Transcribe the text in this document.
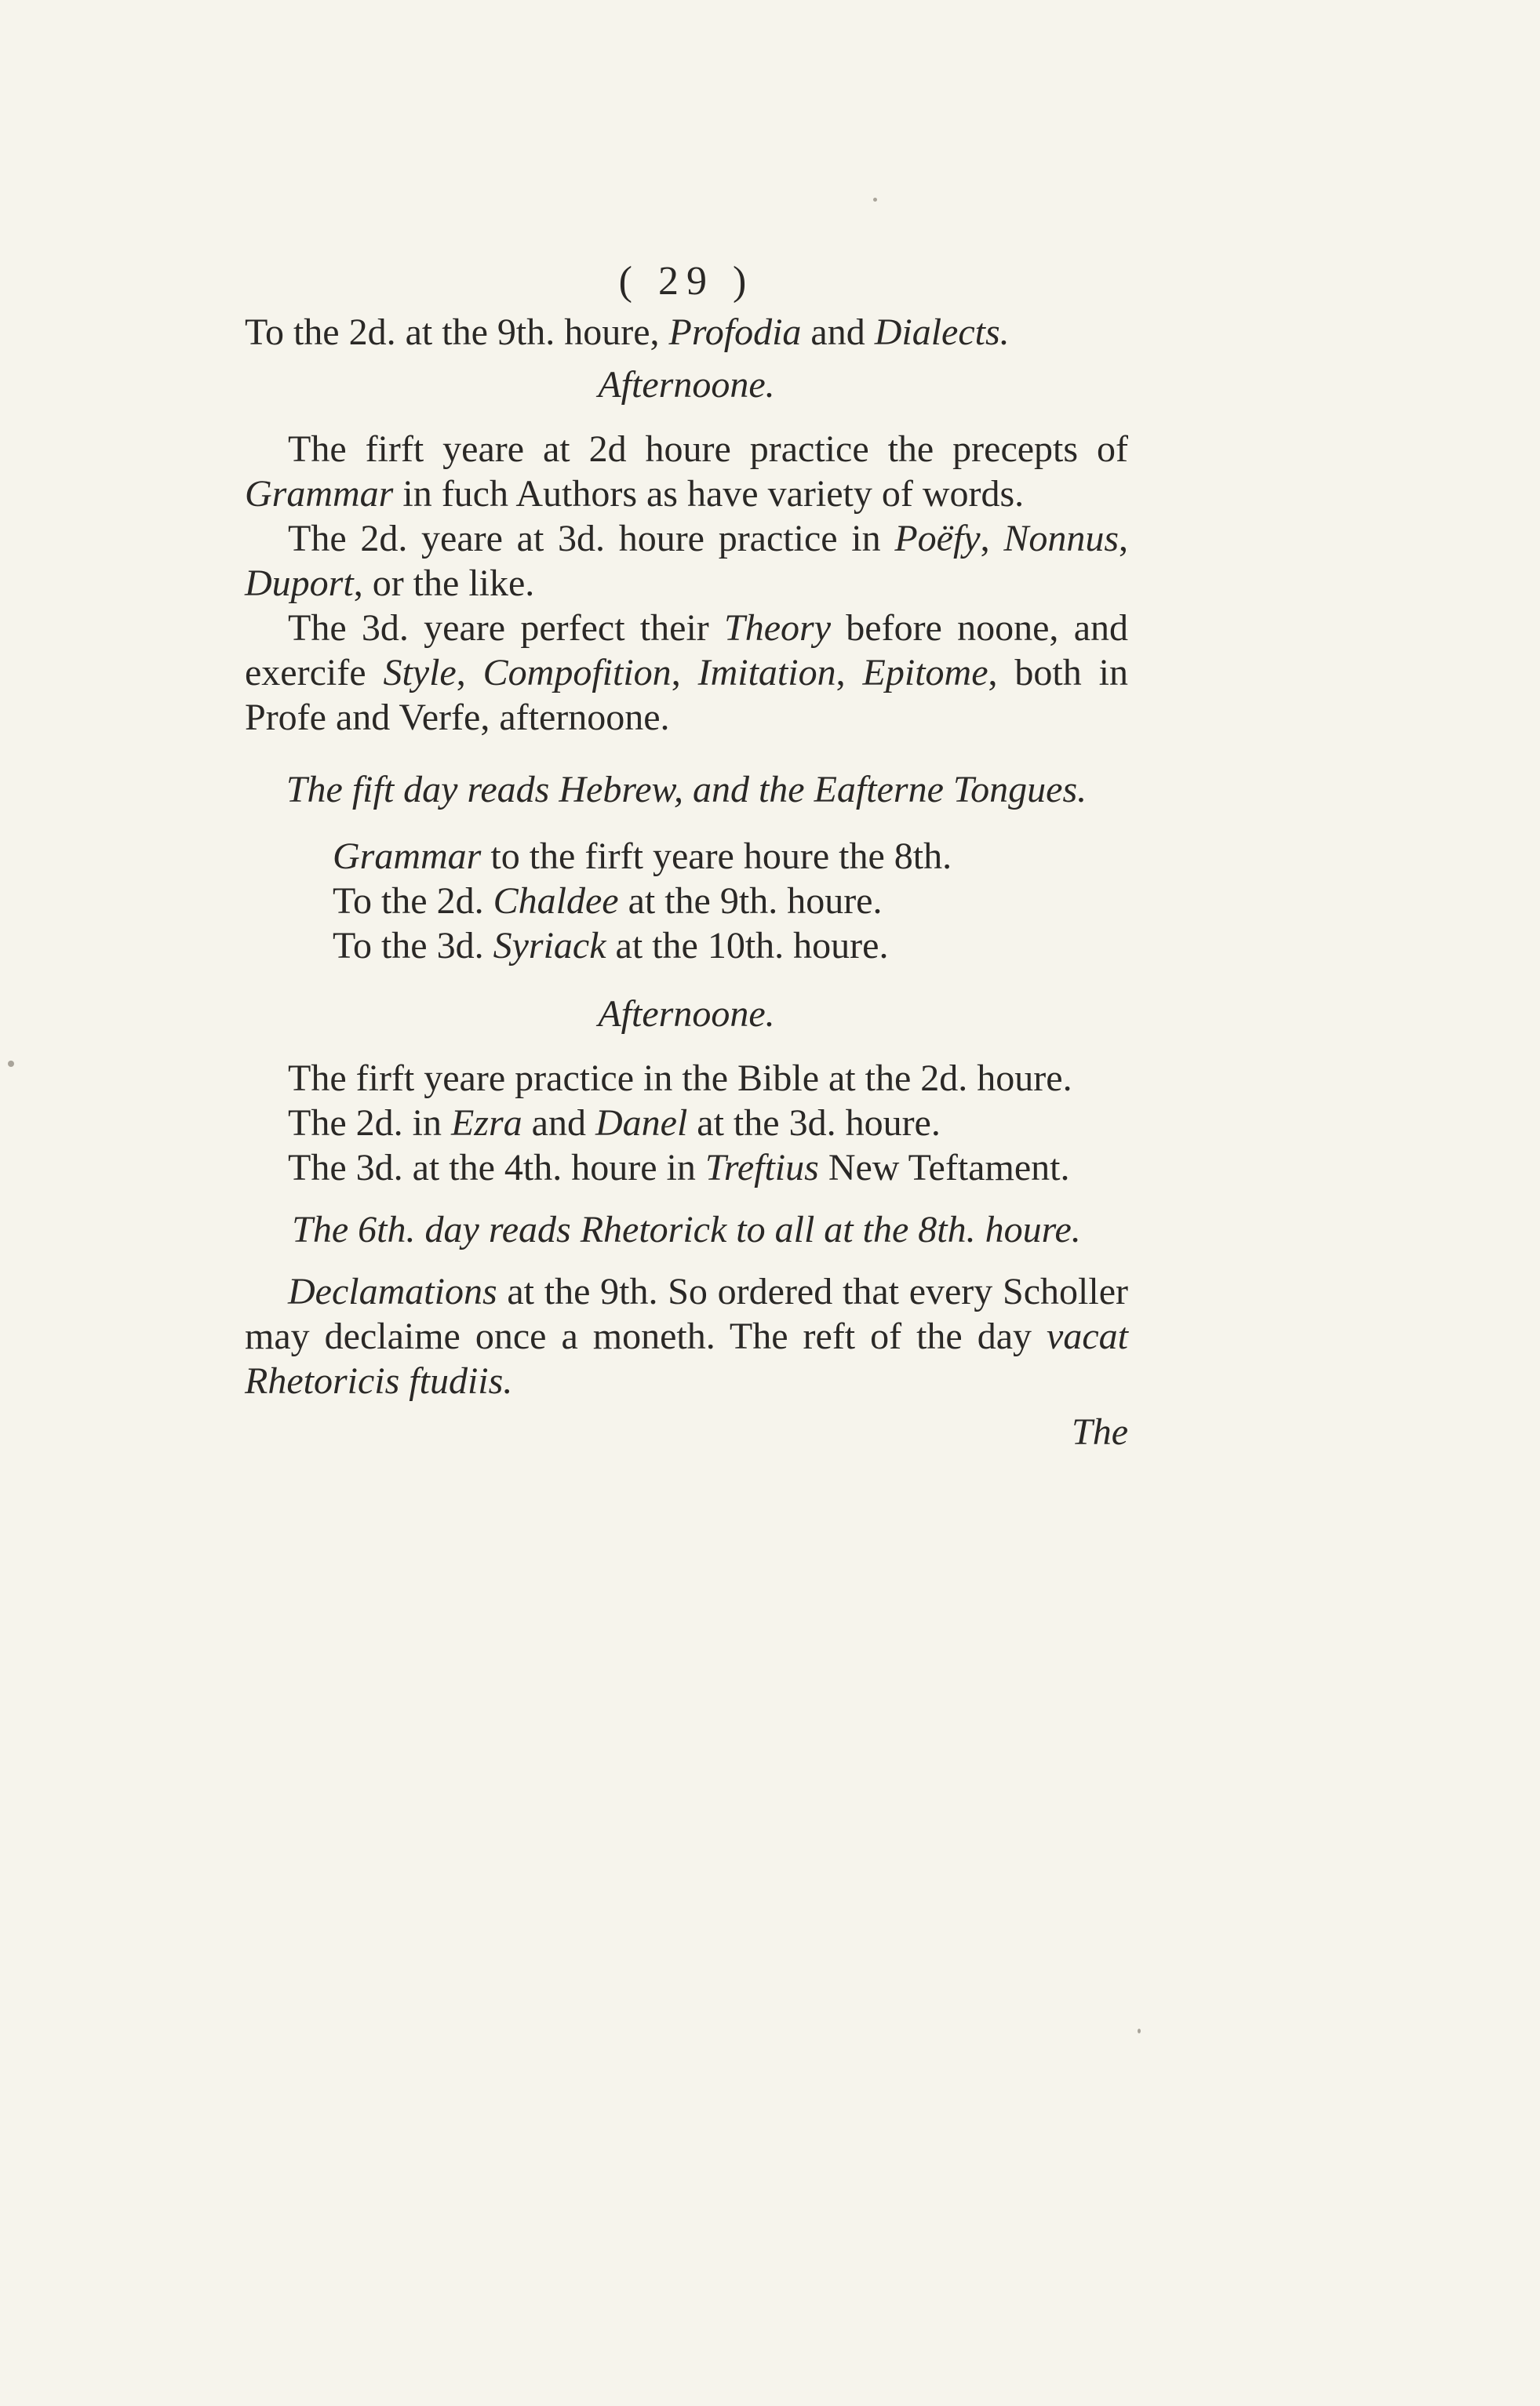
( 29 )

To the 2d. at the 9th. houre, Profodia and Dialects.

Afternoone.

The firft yeare at 2d houre practice the precepts of Grammar in fuch Authors as have variety of words.

The 2d. yeare at 3d. houre practice in Poëfy, Nonnus, Duport, or the like.

The 3d. yeare perfect their Theory before noone, and exercife Style, Compofition, Imitation, Epitome, both in Profe and Verfe, afternoone.

The fift day reads Hebrew, and the Eafterne Tongues.

Grammar to the firft yeare houre the 8th.

To the 2d. Chaldee at the 9th. houre.

To the 3d. Syriack at the 10th. houre.

Afternoone.

The firft yeare practice in the Bible at the 2d. houre.

The 2d. in Ezra and Danel at the 3d. houre.

The 3d. at the 4th. houre in Treftius New Teftament.

The 6th. day reads Rhetorick to all at the 8th. houre.

Declamations at the 9th. So ordered that every Scholler may declaime once a moneth. The reft of the day vacat Rhetoricis ftudiis.

The
